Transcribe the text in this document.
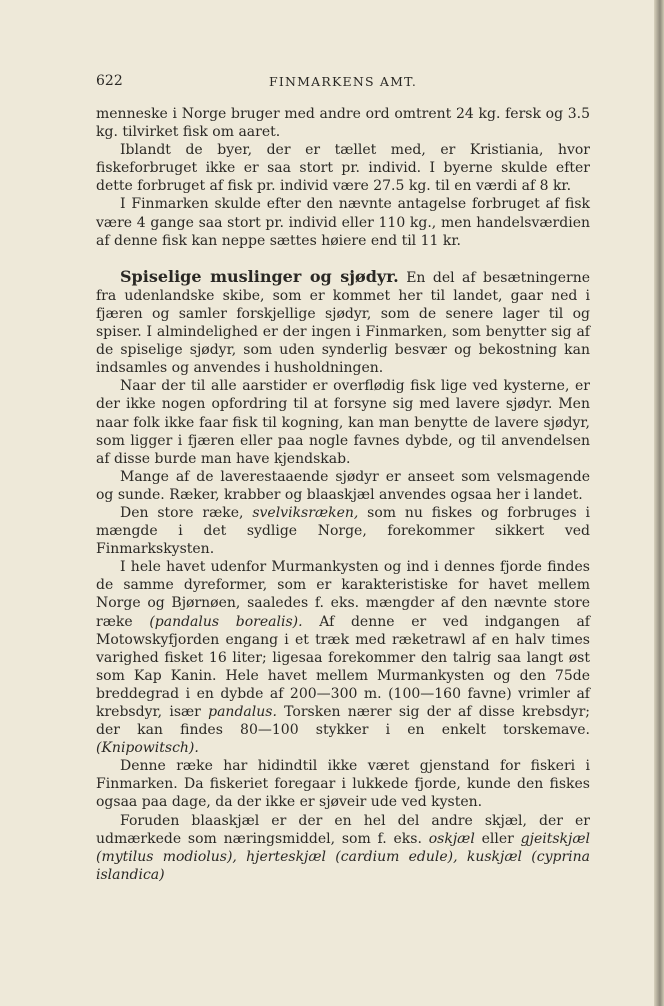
622	FINMARKENS AMT.

menneske i Norge bruger med andre ord omtrent 24 kg. fersk og 3.5 kg. tilvirket fisk om aaret.

Iblandt de byer, der er tællet med, er Kristiania, hvor fiskeforbruget ikke er saa stort pr. individ. I byerne skulde efter dette forbruget af fisk pr. individ være 27.5 kg. til en værdi af 8 kr.

I Finmarken skulde efter den nævnte antagelse forbruget af fisk være 4 gange saa stort pr. individ eller 110 kg., men handelsværdien af denne fisk kan neppe sættes høiere end til 11 kr.

Spiselige muslinger og sjødyr. En del af besætningerne fra udenlandske skibe, som er kommet her til landet, gaar ned i fjæren og samler forskjellige sjødyr, som de senere lager til og spiser. I almindelighed er der ingen i Finmarken, som benytter sig af de spiselige sjødyr, som uden synderlig besvær og bekostning kan indsamles og anvendes i husholdningen.

Naar der til alle aarstider er overflødig fisk lige ved kysterne, er der ikke nogen opfordring til at forsyne sig med lavere sjødyr. Men naar folk ikke faar fisk til kogning, kan man benytte de lavere sjødyr, som ligger i fjæren eller paa nogle favnes dybde, og til anvendelsen af disse burde man have kjendskab.

Mange af de laverestaaende sjødyr er anseet som velsmagende og sunde. Ræker, krabber og blaaskjæl anvendes ogsaa her i landet.

Den store ræke, svelviksræken, som nu fiskes og forbruges i mængde i det sydlige Norge, forekommer sikkert ved Finmarkskysten.

I hele havet udenfor Murmankysten og ind i dennes fjorde findes de samme dyreformer, som er karakteristiske for havet mellem Norge og Bjørnøen, saaledes f. eks. mængder af den nævnte store ræke (pandalus borealis). Af denne er ved indgangen af Motowskyfjorden engang i et træk med ræketrawl af en halv times varighed fisket 16 liter; ligesaa forekommer den talrig saa langt øst som Kap Kanin. Hele havet mellem Murmankysten og den 75de breddegrad i en dybde af 200—300 m. (100—160 favne) vrimler af krebsdyr, især pandalus. Torsken nærer sig der af disse krebsdyr; der kan findes 80—100 stykker i en enkelt torskemave. (Knipowitsch).

Denne ræke har hidindtil ikke været gjenstand for fiskeri i Finmarken. Da fiskeriet foregaar i lukkede fjorde, kunde den fiskes ogsaa paa dage, da der ikke er sjøveir ude ved kysten.

Foruden blaaskjæl er der en hel del andre skjæl, der er udmærkede som næringsmiddel, som f. eks. oskjæl eller gjeitskjæl (mytilus modiolus), hjerteskjæl (cardium edule), kuskjæl (cyprina islandica)
